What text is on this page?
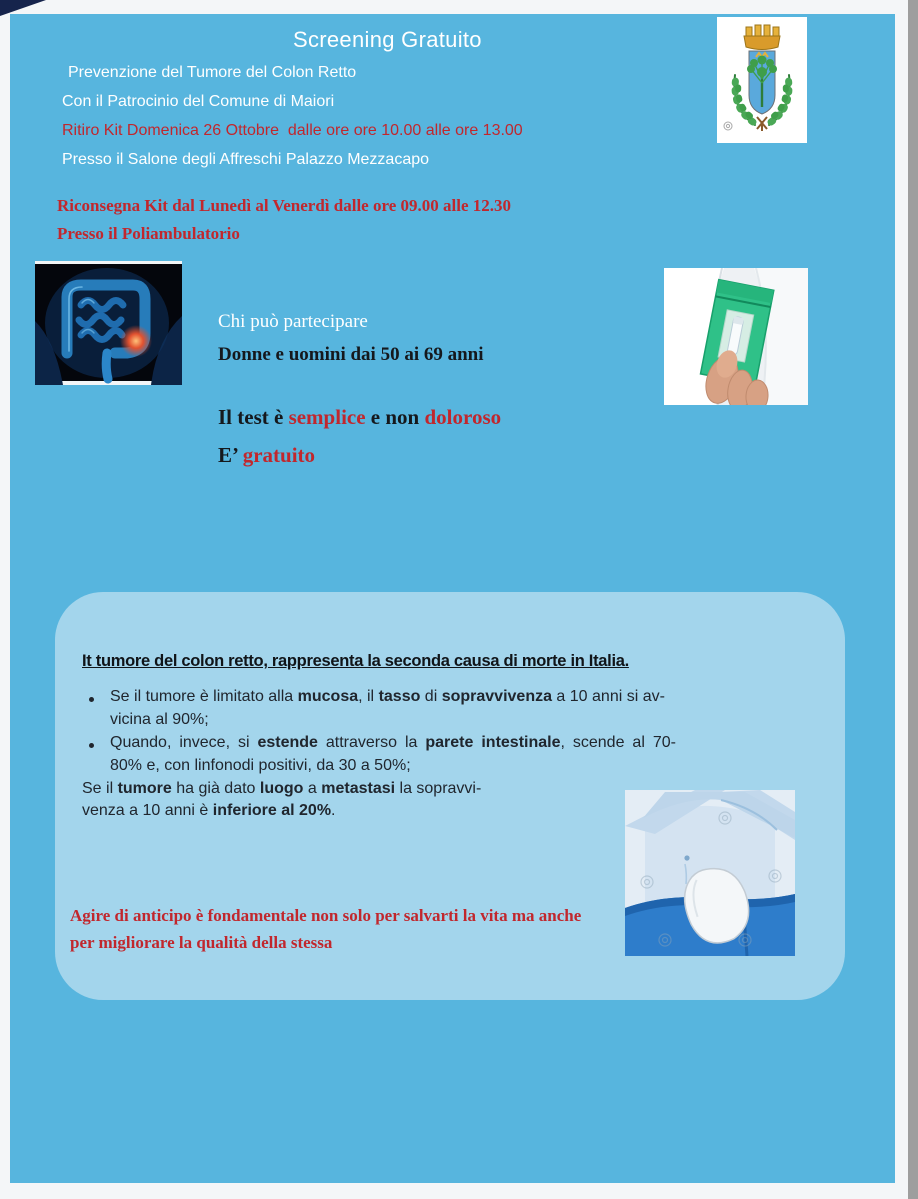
Screening Gratuito
Prevenzione del Tumore del Colon Retto
Con il Patrocinio del Comune di Maiori
Ritiro Kit Domenica 26 Ottobre  dalle ore ore 10.00 alle ore 13.00
Presso il Salone degli Affreschi Palazzo Mezzacapo
Riconsegna Kit dal Lunedì al Venerdì dalle ore 09.00 alle 12.30
Presso il Poliambulatorio
Chi può partecipare
Donne e uomini dai 50 ai 69 anni
Il test è semplice e non doloroso
E’ gratuito
It tumore del colon retto, rappresenta la seconda causa di morte in Italia.
Se il tumore è limitato alla mucosa, il tasso di sopravvivenza a 10 anni si av-
vicina al 90%;
Quando, invece, si estende attraverso la parete intestinale, scende al 70-
80% e, con linfonodi positivi, da 30 a 50%;
Se il tumore ha già dato luogo a metastasi la sopravvi-
venza a 10 anni è inferiore al 20%.
Agire di anticipo è fondamentale non solo per salvarti la vita ma anche
per migliorare la qualità della stessa
